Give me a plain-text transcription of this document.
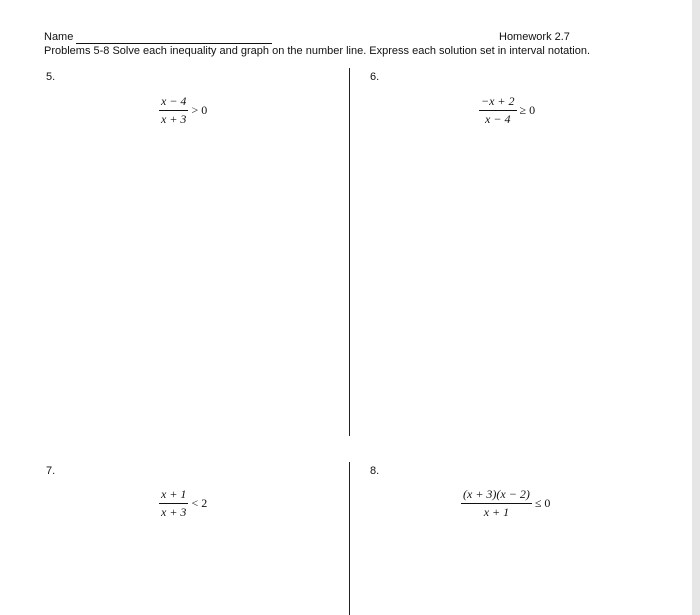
Name	Homework 2.7
Problems 5-8 Solve each inequality and graph on the number line. Express each solution set in interval notation.
5.
$\frac{x - 4}{x + 3} > 0$
6.
$\frac{-x + 2}{x - 4} \ge 0$
7.
$\frac{x + 1}{x + 3} < 2$
8.
$\frac{(x + 3)(x - 2)}{x + 1} \le 0$
